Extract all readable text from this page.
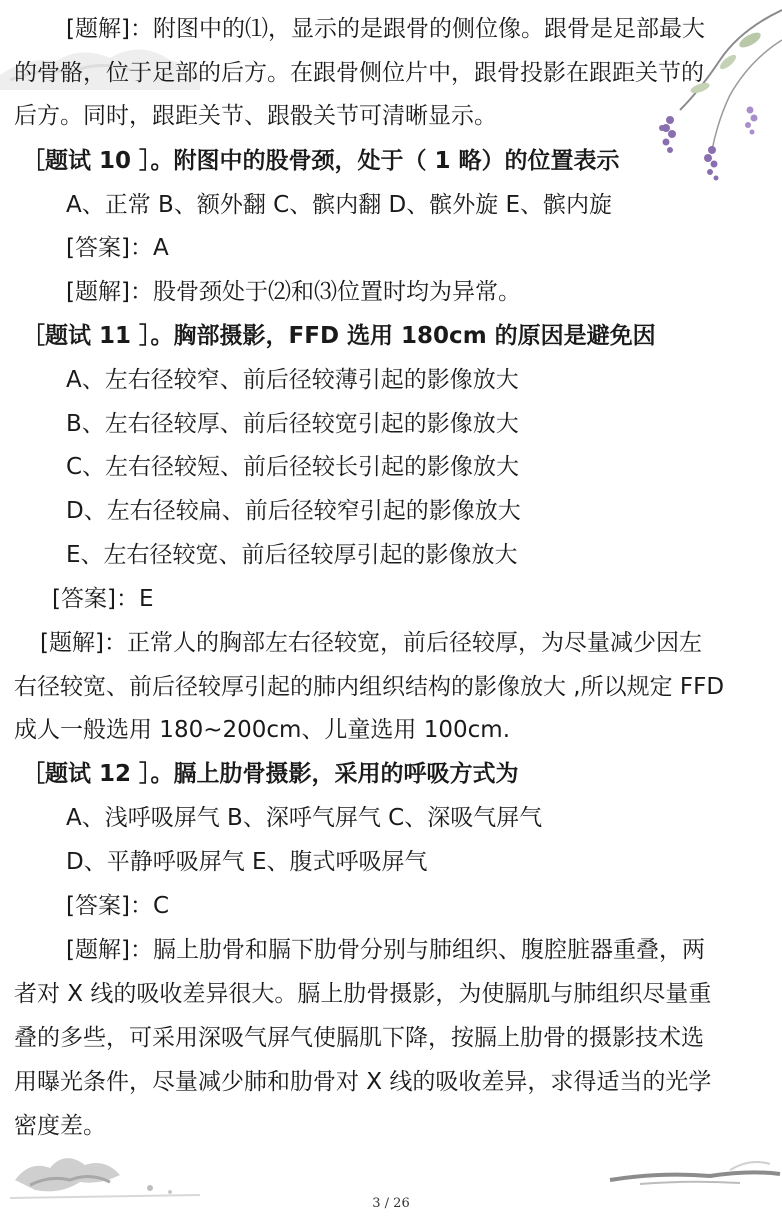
[题解]：附图中的⑴，显示的是跟骨的侧位像。跟骨是足部最大
的骨骼，位于足部的后方。在跟骨侧位片中，跟骨投影在跟距关节的
后方。同时，跟距关节、跟骰关节可清晰显示。
［题试 10 ］。附图中的股骨颈，处于（ 1 略）的位置表示
A、正常 B、额外翻 C、髌内翻 D、髌外旋 E、髌内旋
[答案]：A
[题解]：股骨颈处于⑵和⑶位置时均为异常。
［题试 11 ］。胸部摄影，FFD 选用 180cm 的原因是避免因
A、左右径较窄、前后径较薄引起的影像放大
B、左右径较厚、前后径较宽引起的影像放大
C、左右径较短、前后径较长引起的影像放大
D、左右径较扁、前后径较窄引起的影像放大
E、左右径较宽、前后径较厚引起的影像放大
[答案]：E
[题解]：正常人的胸部左右径较宽，前后径较厚，为尽量减少因左
右径较宽、前后径较厚引起的肺内组织结构的影像放大 ,所以规定 FFD
成人一般选用 180~200cm、儿童选用 100cm.
［题试 12 ］。膈上肋骨摄影，采用的呼吸方式为
A、浅呼吸屏气 B、深呼气屏气 C、深吸气屏气
D、平静呼吸屏气 E、腹式呼吸屏气
[答案]：C
[题解]：膈上肋骨和膈下肋骨分别与肺组织、腹腔脏器重叠，两
者对 X 线的吸收差异很大。膈上肋骨摄影，为使膈肌与肺组织尽量重
叠的多些，可采用深吸气屏气使膈肌下降，按膈上肋骨的摄影技术选
用曝光条件，尽量减少肺和肋骨对 X 线的吸收差异，求得适当的光学
密度差。
3 / 26
